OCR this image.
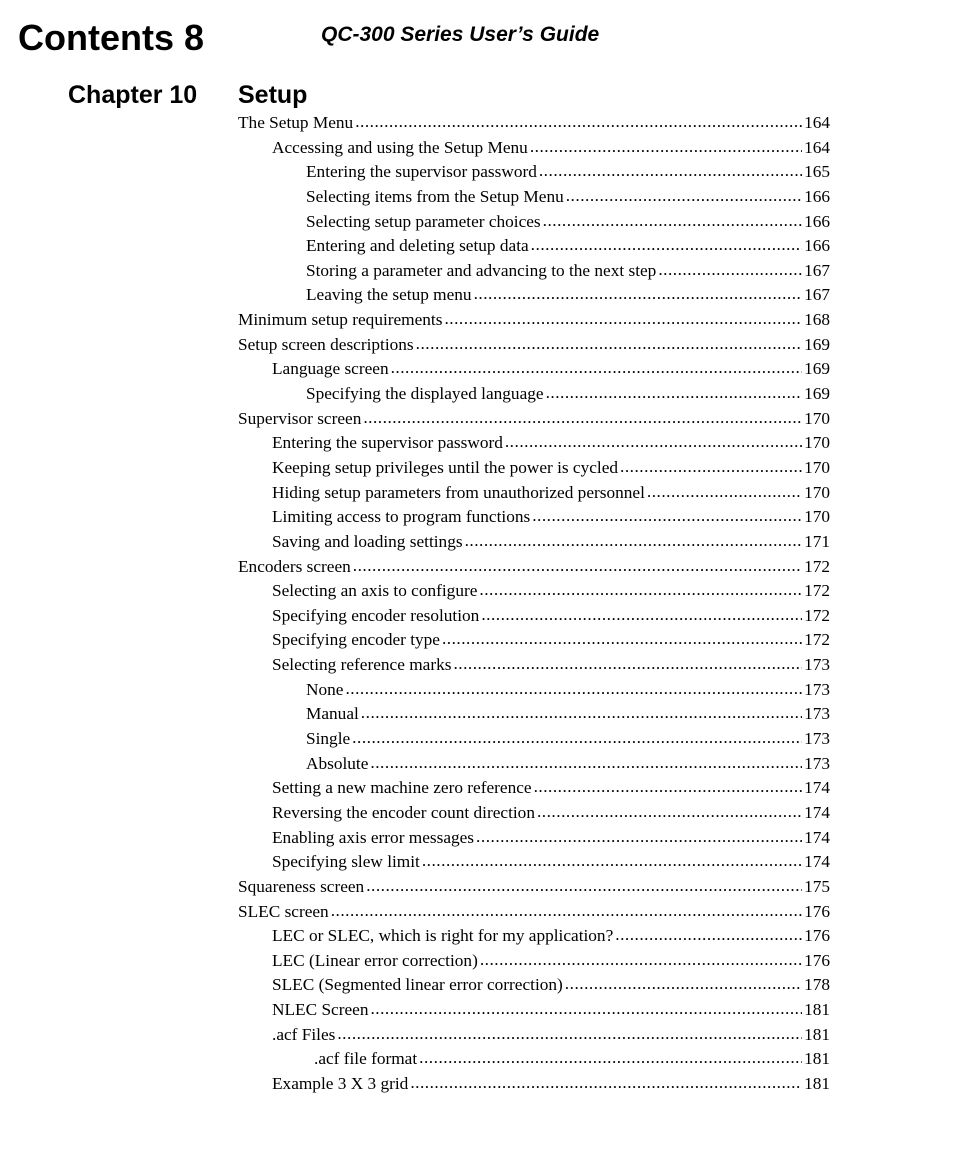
Contents 8	QC-300 Series User’s Guide
Chapter 10 Setup
The Setup Menu .....	164
Accessing and using the Setup Menu .....	164
Entering the supervisor password .....	165
Selecting items from the Setup Menu .....	166
Selecting setup parameter choices .....	166
Entering and deleting setup data .....	166
Storing a parameter and advancing to the next step .....	167
Leaving the setup menu .....	167
Minimum setup requirements .....	168
Setup screen descriptions .....	169
Language screen .....	169
Specifying the displayed language .....	169
Supervisor screen .....	170
Entering the supervisor password .....	170
Keeping setup privileges until the power is cycled .....	170
Hiding setup parameters from unauthorized personnel .....	170
Limiting access to program functions .....	170
Saving and loading settings .....	171
Encoders screen .....	172
Selecting an axis to configure .....	172
Specifying encoder resolution .....	172
Specifying encoder type .....	172
Selecting reference marks .....	173
None .....	173
Manual .....	173
Single .....	173
Absolute .....	173
Setting a new machine zero reference .....	174
Reversing the encoder count direction .....	174
Enabling axis error messages .....	174
Specifying slew limit .....	174
Squareness screen .....	175
SLEC screen .....	176
LEC or SLEC, which is right for my application? .....	176
LEC (Linear error correction) .....	176
SLEC (Segmented linear error correction) .....	178
NLEC Screen .....	181
.acf Files .....	181
.acf file format .....	181
Example 3 X 3 grid .....	181
